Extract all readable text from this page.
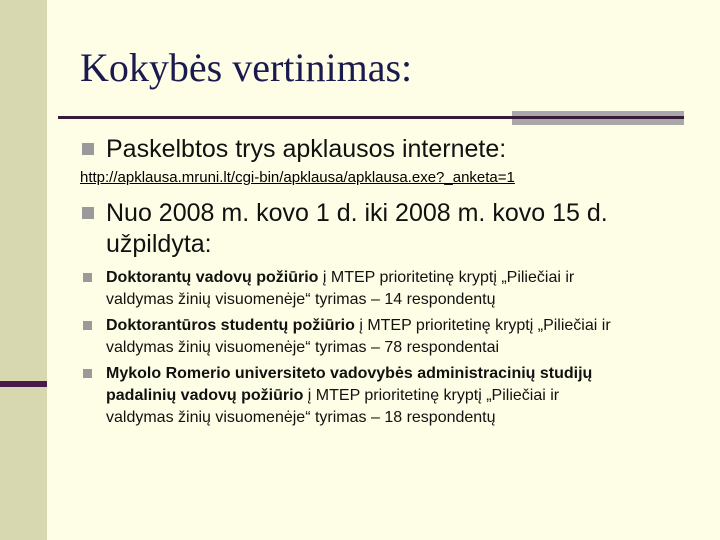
Kokybės vertinimas:
Paskelbtos trys apklausos internete:
http://apklausa.mruni.lt/cgi-bin/apklausa/apklausa.exe?_anketa=1
Nuo 2008 m. kovo 1 d. iki 2008 m. kovo 15 d.
užpildyta:
Doktorantų vadovų požiūrio į MTEP prioritetinę kryptį „Piliečiai ir
valdymas žinių visuomenėje“ tyrimas – 14 respondentų
Doktorantūros studentų požiūrio į MTEP prioritetinę kryptį „Piliečiai ir
valdymas žinių visuomenėje“ tyrimas – 78 respondentai
Mykolo Romerio universiteto vadovybės administracinių studijų
padalinių vadovų požiūrio į MTEP prioritetinę kryptį „Piliečiai ir
valdymas žinių visuomenėje“ tyrimas – 18 respondentų
